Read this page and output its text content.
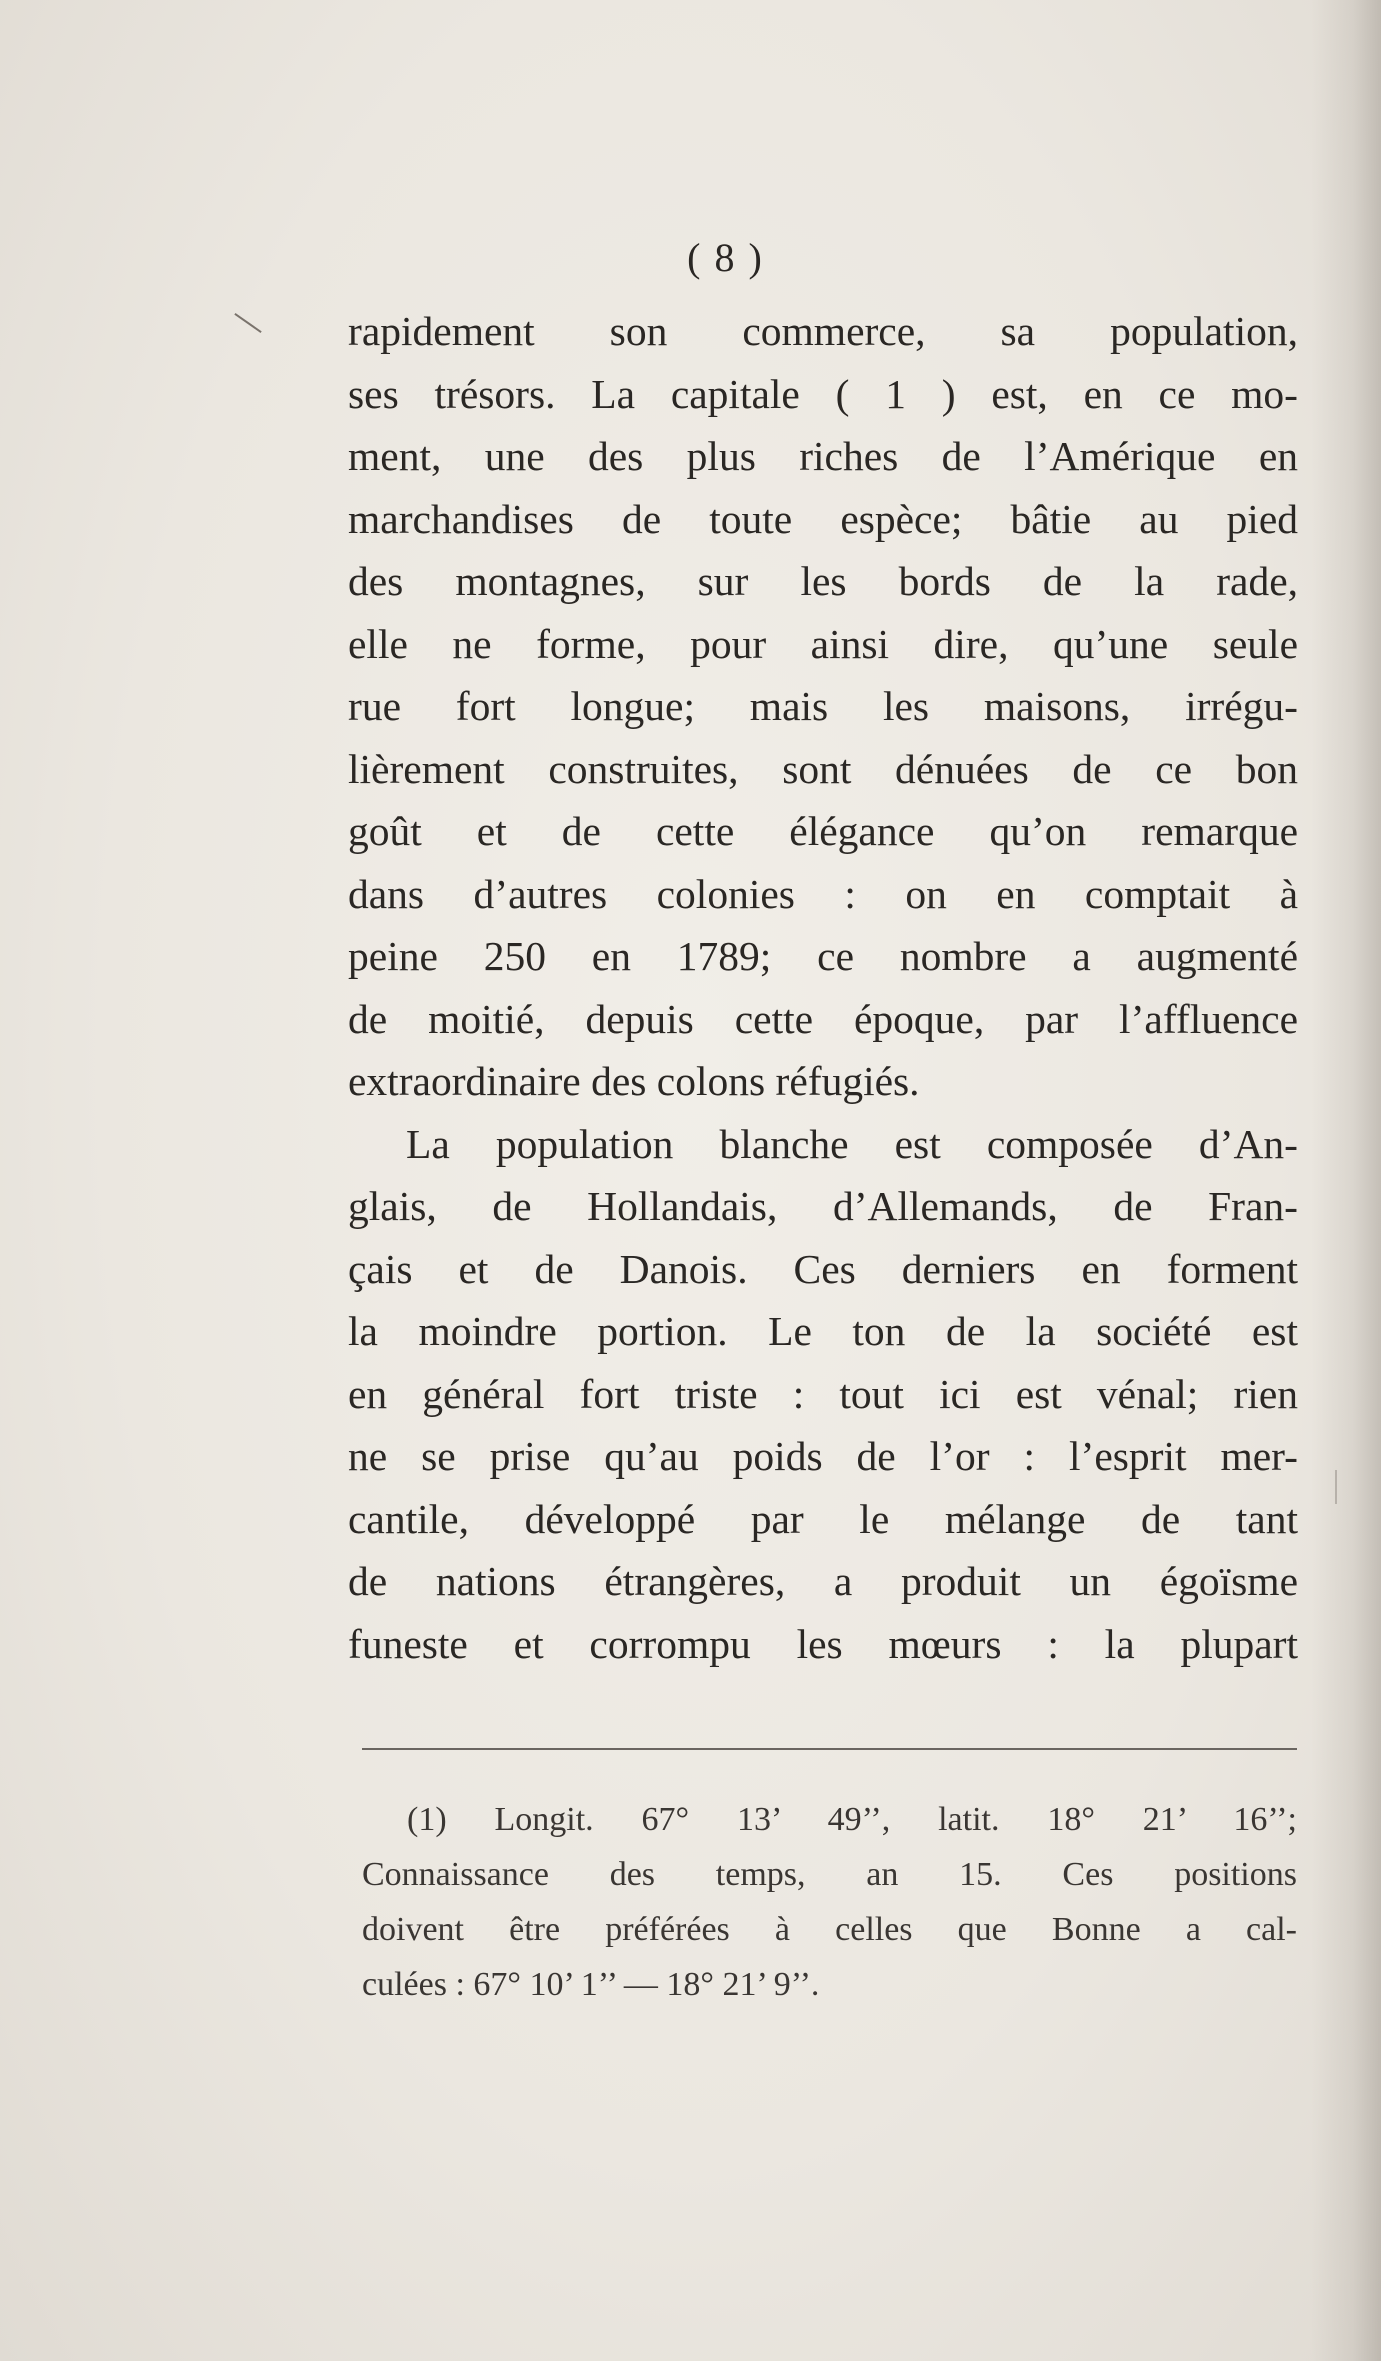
( 8 )
rapidement son commerce, sa population,
ses trésors. La capitale ( 1 ) est, en ce mo-
ment, une des plus riches de l’Amérique en
marchandises de toute espèce; bâtie au pied
des montagnes, sur les bords de la rade,
elle ne forme, pour ainsi dire, qu’une seule
rue fort longue; mais les maisons, irrégu-
lièrement construites, sont dénuées de ce bon
goût et de cette élégance qu’on remarque
dans d’autres colonies : on en comptait à
peine 250 en 1789; ce nombre a augmenté
de moitié, depuis cette époque, par l’affluence
extraordinaire des colons réfugiés.
La population blanche est composée d’An-
glais, de Hollandais, d’Allemands, de Fran-
çais et de Danois. Ces derniers en forment
la moindre portion. Le ton de la société est
en général fort triste : tout ici est vénal; rien
ne se prise qu’au poids de l’or : l’esprit mer-
cantile, développé par le mélange de tant
de nations étrangères, a produit un égoïsme
funeste et corrompu les mœurs : la plupart
(1) Longit. 67° 13’ 49’’, latit. 18° 21’ 16’’;
Connaissance des temps, an 15. Ces positions
doivent être préférées à celles que Bonne a cal-
culées : 67° 10’ 1’’ — 18° 21’ 9’’.
